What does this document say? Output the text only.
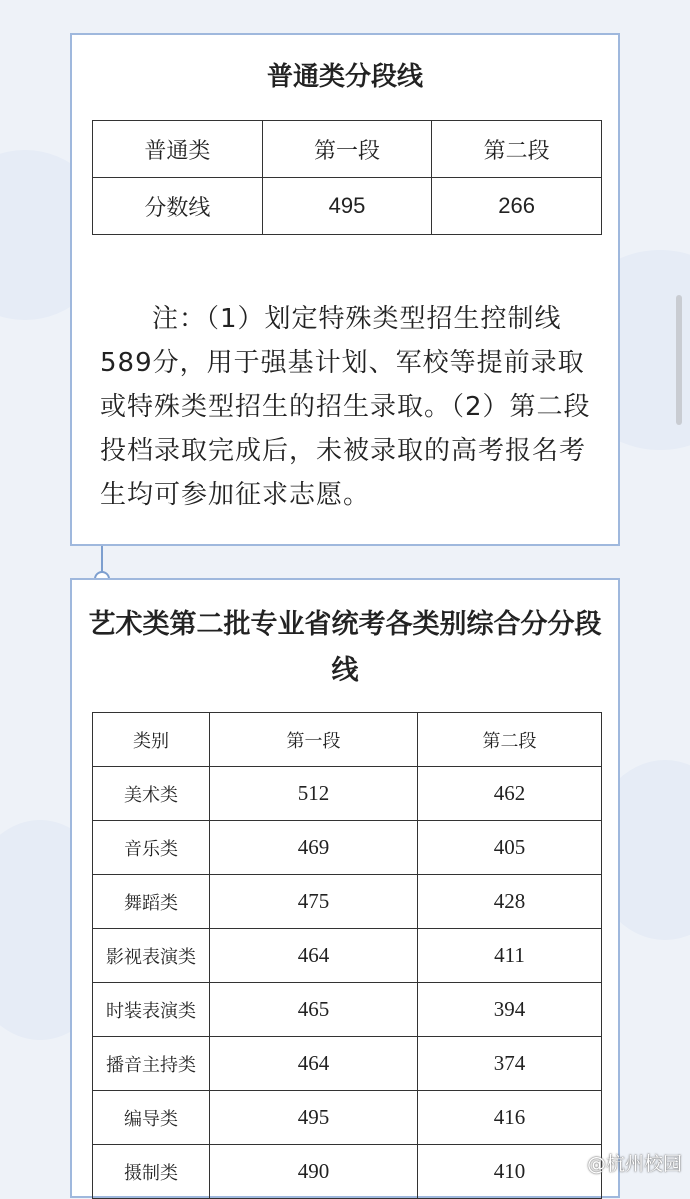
普通类分段线
普通类	第一段	第二段
分数线	495	266
注：（1）划定特殊类型招生控制线589分，用于强基计划、军校等提前录取或特殊类型招生的招生录取。（2）第二段投档录取完成后，未被录取的高考报名考生均可参加征求志愿。
艺术类第二批专业省统考各类别综合分分段线
类别	第一段	第二段
美术类	512	462
音乐类	469	405
舞蹈类	475	428
影视表演类	464	411
时装表演类	465	394
播音主持类	464	374
编导类	495	416
摄制类	490	410	@杭州校园
